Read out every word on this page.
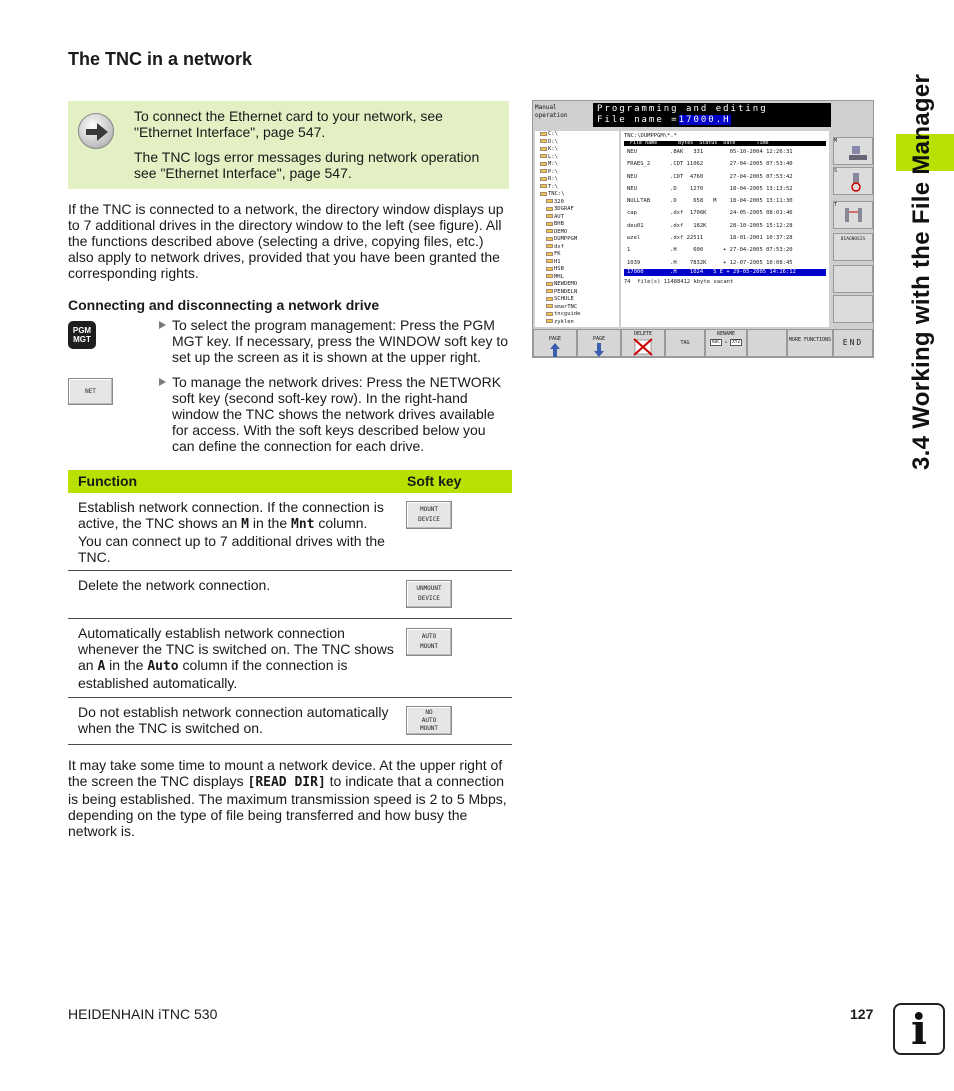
The TNC in a network

To connect the Ethernet card to your network, see "Ethernet Interface", page 547.

The TNC logs error messages during network operation see "Ethernet Interface", page 547.

If the TNC is connected to a network, the directory window displays up to 7 additional drives in the directory window to the left (see figure). All the functions described above (selecting a drive, copying files, etc.) also apply to network drives, provided that you have been granted the corresponding rights.
Connecting and disconnecting a network drive
PGM
MGT
To select the program management: Press the PGM MGT key. If necessary, press the WINDOW soft key to set up the screen as it is shown at the upper right.
NET
To manage the network drives: Press the NETWORK soft key (second soft-key row). In the right-hand window the TNC shows the network drives available for access. With the soft keys described below you can define the connection for each drive.
Function	Soft key
Establish network connection. If the connection is active, the TNC shows an M in the Mnt column. You can connect up to 7 additional drives with the TNC.
MOUNT
DEVICE
Delete the network connection.	UNMOUNT
DEVICE
Automatically establish network connection whenever the TNC is switched on. The TNC shows an A in the Auto column if the connection is established automatically.
AUTO
MOUNT
Do not establish network connection automatically when the TNC is switched on.
NO
AUTO
MOUNT
It may take some time to mount a network device. At the upper right of the screen the TNC displays [READ DIR] to indicate that a connection is being established. The maximum transmission speed is 2 to 5 Mbps, depending on the type of file being transferred and how busy the network is.
Manual
operation
Programming and editing
File name =17000.H
C:\
D:\
K:\
L:\
M:\
P:\
R:\
T:\
TNC:\
320
3DGRAF
AUT
BHB
DEMO
DUMPPGM
dxf
FK
H1
HSB
MHL
NEWDEMO
PENDELN
SCHULE
smarTNC
tncguide
zyklen
TNC:\DUMPPGM\*.*
File name       Bytes  Status  Date       Time
NEU          .BAK   331        05-10-2004 12:26:31
FRAES_2      .CDT 11062        27-04-2005 07:53:40
NEU          .CDT  4760        27-04-2005 07:53:42
NEU          .D    1270        18-04-2005 13:13:52
NULLTAB      .D     658   M    18-04-2005 13:11:30
cap          .dxf  1706K       24-05-2005 08:01:46
deu01        .dxf   182K       28-10-2005 15:12:28
wzel         .dxf 22511        18-01-2001 10:37:28
1            .H     600      + 27-04-2005 07:53:20
1039         .H    7832K     + 12-07-2005 10:08:45
17000        .H    1024   S E + 29-05-2005 14:26:12
74  file(s) 11488412 kbyte vacant
M
S
T
DIAGNOSIS
PAGE	PAGE
DELETE
TAG
RENAME
ABC = XYZ	MORE FUNCTIONS	END	3.4 Working with the File Manager
HEIDENHAIN iTNC 530	127 i
